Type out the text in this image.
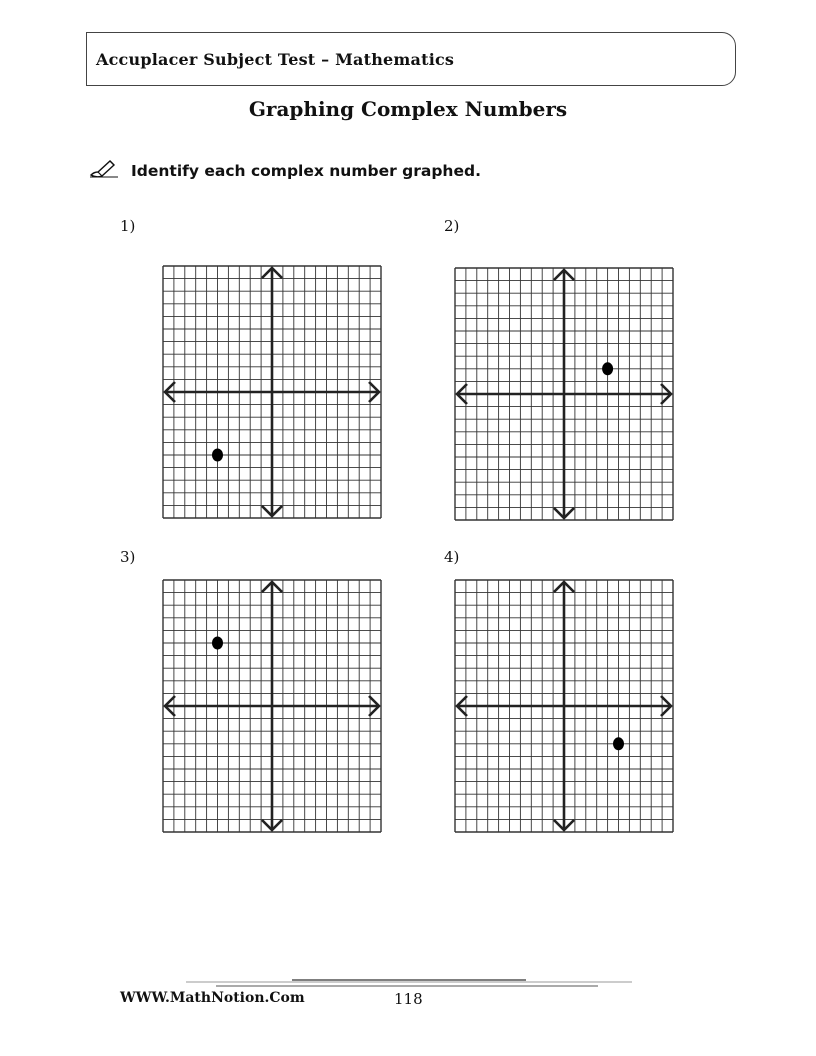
Accuplacer Subject Test – Mathematics
Graphing Complex Numbers
Identify each complex number graphed.
1)	2)
3)	4)
WWW.MathNotion.Com	118
